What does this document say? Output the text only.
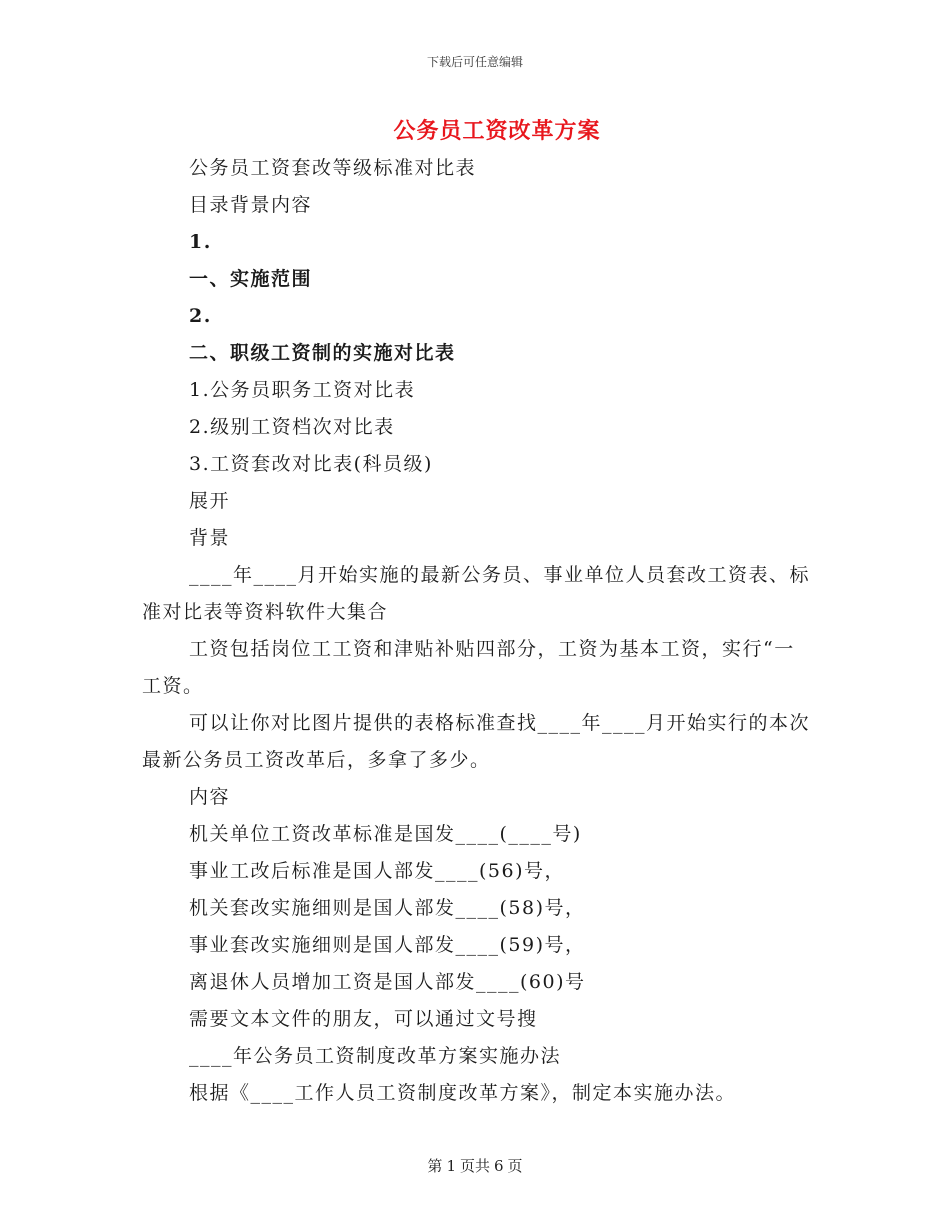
下载后可任意编辑
公务员工资改革方案

公务员工资套改等级标准对比表

目录背景内容

1.

一、实施范围

2.

二、职级工资制的实施对比表

1.公务员职务工资对比表

2.级别工资档次对比表

3.工资套改对比表(科员级)

展开

背景

____年____月开始实施的最新公务员、事业单位人员套改工资表、标准对比表等资料软件大集合

工资包括岗位工工资和津贴补贴四部分，工资为基本工资，实行“一工资。

可以让你对比图片提供的表格标准查找____年____月开始实行的本次最新公务员工资改革后，多拿了多少。

内容

机关单位工资改革标准是国发____(____号)

事业工改后标准是国人部发____(56)号，

机关套改实施细则是国人部发____(58)号，

事业套改实施细则是国人部发____(59)号，

离退休人员增加工资是国人部发____(60)号

需要文本文件的朋友，可以通过文号搜

____年公务员工资制度改革方案实施办法

根据《____工作人员工资制度改革方案》，制定本实施办法。

第 1 页共 6 页
